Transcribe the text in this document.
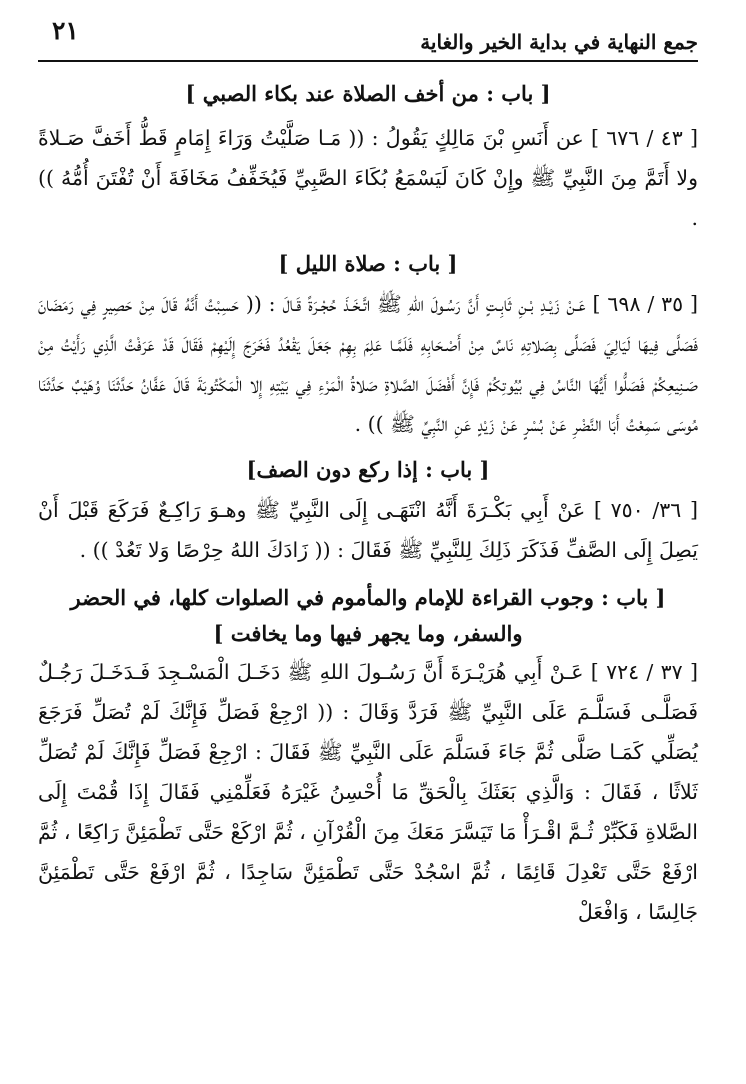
جمع النهاية في بداية الخير والغاية
٢١

[ باب : من أخف الصلاة عند بكاء الصبي ]

[ ٤٣ / ٦٧٦ ] عن أَنَسِ بْنَ مَالِكٍ يَقُولُ : (( مَـا صَلَّيْتُ وَرَاءَ إِمَامٍ قَطُّ أَخَفَّ صَـلاةً ولا أَتَمَّ مِنَ النَّبِيِّ ﷺ وإِنْ كَانَ لَيَسْمَعُ بُكَاءَ الصَّبِيِّ فَيُخَفِّفُ مَخَافَةَ أَنْ تُفْتَنَ أُمُّهُ )) .

[ باب : صلاة الليل ]

[ ٣٥ / ٦٩٨ ] عَـنْ زَيْـدِ بْـنِ ثَابِـتٍ أَنَّ رَسُـولَ اللهِ ﷺ اتَّـخَـذَ حُجْـرَةً قَـالَ : (( حَسِبْتُ أَنَّهُ قَالَ مِنْ حَصِيرٍ فِي رَمَضَانَ فَصَلَّى فِيهَا لَيَالِيَ فَصَلَّى بِصَلاتِهِ نَاسٌ مِنْ أَصْـحَابِهِ فَلَمَّـا عَلِمَ بِهِمْ جَعَلَ يَقْعُدُ فَخَرَجَ إِلَيْهِمْ فَقَالَ قَدْ عَرَفْتُ الَّذِي رَأَيْتُ مِنْ صَـنِيعِكُمْ فَصَلُّوا أَيُّهَا النَّاسُ فِي بُيُوتِكُمْ فَإِنَّ أَفْضَلَ الصَّلاةِ صَلاةُ الْمَرْءِ فِي بَيْتِهِ إِلا الْمَكْتُوبَةَ قَالَ عَفَّانُ حَدَّثَنَا وُهَيْبٌ حَدَّثَنَا مُوسَى سَمِعْتُ أَبَا النَّضْرِ عَنْ بُسْرٍ عَنْ زَيْدٍ عَنِ النَّبِيِّ ﷺ )) .

[ باب : إذا ركع دون الصف]

[ ٣٦/ ٧٥٠ ] عَنْ أَبِي بَكْـرَةَ أَنَّهُ انْتَهَـى إِلَى النَّبِيِّ ﷺ وهـوَ رَاكِـعٌ فَرَكَعَ قَبْلَ أَنْ يَصِلَ إِلَى الصَّفِّ فَذَكَرَ ذَلِكَ لِلنَّبِيِّ ﷺ فَقَالَ : (( زَادَكَ اللهُ حِرْصًا وَلا تَعُدْ )) .

[ باب : وجوب القراءة للإمام والمأموم في الصلوات كلها، في الحضر والسفر، وما يجهر فيها وما يخافت ]

[ ٣٧ / ٧٢٤ ] عَـنْ أَبِي هُرَيْـرَةَ أَنَّ رَسُـولَ اللهِ ﷺ دَخَـلَ الْمَسْـجِدَ فَـدَخَـلَ رَجُـلٌ فَصَلَّـى فَسَلَّـمَ عَلَى النَّبِيِّ ﷺ فَرَدَّ وَقَالَ : (( ارْجِعْ فَصَلِّ فَإِنَّكَ لَمْ تُصَلِّ فَرَجَعَ يُصَلِّي كَمَـا صَلَّى ثُمَّ جَاءَ فَسَلَّمَ عَلَى النَّبِيِّ ﷺ فَقَالَ : ارْجِعْ فَصَلِّ فَإِنَّكَ لَمْ تُصَلِّ ثَلاثًا ، فَقَالَ : وَالَّذِي بَعَثَكَ بِالْحَقِّ مَا أُحْسِنُ غَيْرَهُ فَعَلِّمْنِي فَقَالَ إِذَا قُمْتَ إِلَى الصَّلاةِ فَكَبِّرْ ثُـمَّ اقْـرَأْ مَا تَيَسَّرَ مَعَكَ مِنَ الْقُرْآنِ ، ثُمَّ ارْكَعْ حَتَّى تَطْمَئِنَّ رَاكِعًا ، ثُمَّ ارْفَعْ حَتَّى تَعْدِلَ قَائِمًا ، ثُمَّ اسْجُدْ حَتَّى تَطْمَئِنَّ سَاجِدًا ، ثُمَّ ارْفَعْ حَتَّى تَطْمَئِنَّ جَالِسًا ، وَافْعَلْ
